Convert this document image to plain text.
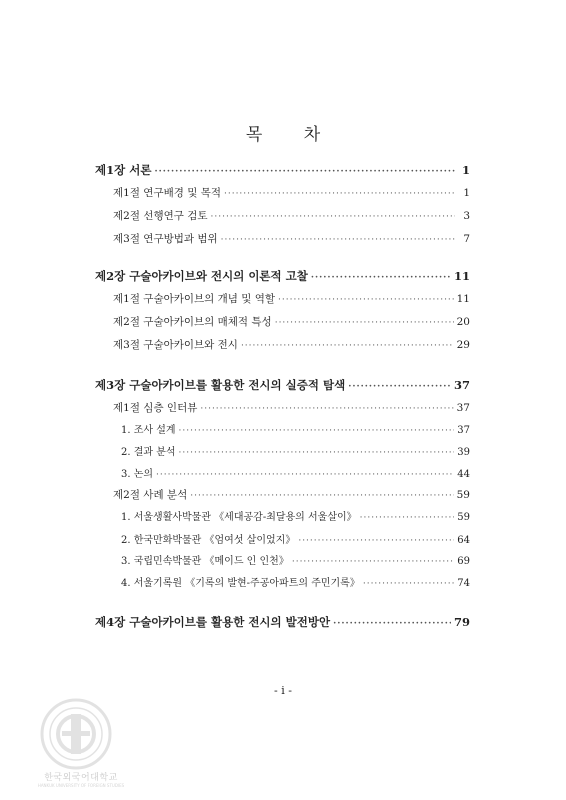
목 차
제1장 서론 ·····	1
제1절 연구배경 및 목적 ·····	1
제2절 선행연구 검토 ·····	3
제3절 연구방법과 범위 ·····	7
제2장 구술아카이브와 전시의 이론적 고찰 ·····	11
제1절 구술아카이브의 개념 및 역할 ·····	11
제2절 구술아카이브의 매체적 특성 ·····	20
제3절 구술아카이브와 전시 ·····	29
제3장 구술아카이브를 활용한 전시의 실증적 탐색 ·····	37
제1절 심층 인터뷰 ·····	37
1. 조사 설계 ·····	37
2. 결과 분석 ·····	39
3. 논의 ·····	44
제2절 사례 분석 ·····	59
1. 서울생활사박물관 《세대공감-최달용의 서울살이》 ·····	59
2. 한국만화박물관 《엄여섯 살이었지》 ·····	64
3. 국립민속박물관 《메이드 인 인천》 ·····	69
4. 서울기록원 《기록의 발현-주공아파트의 주민기록》 ·····	74
제4장 구술아카이브를 활용한 전시의 발전방안 ·····	79
- i -
한국외국어대학교
HANKUK UNIVERSITY OF FOREIGN STUDIES
